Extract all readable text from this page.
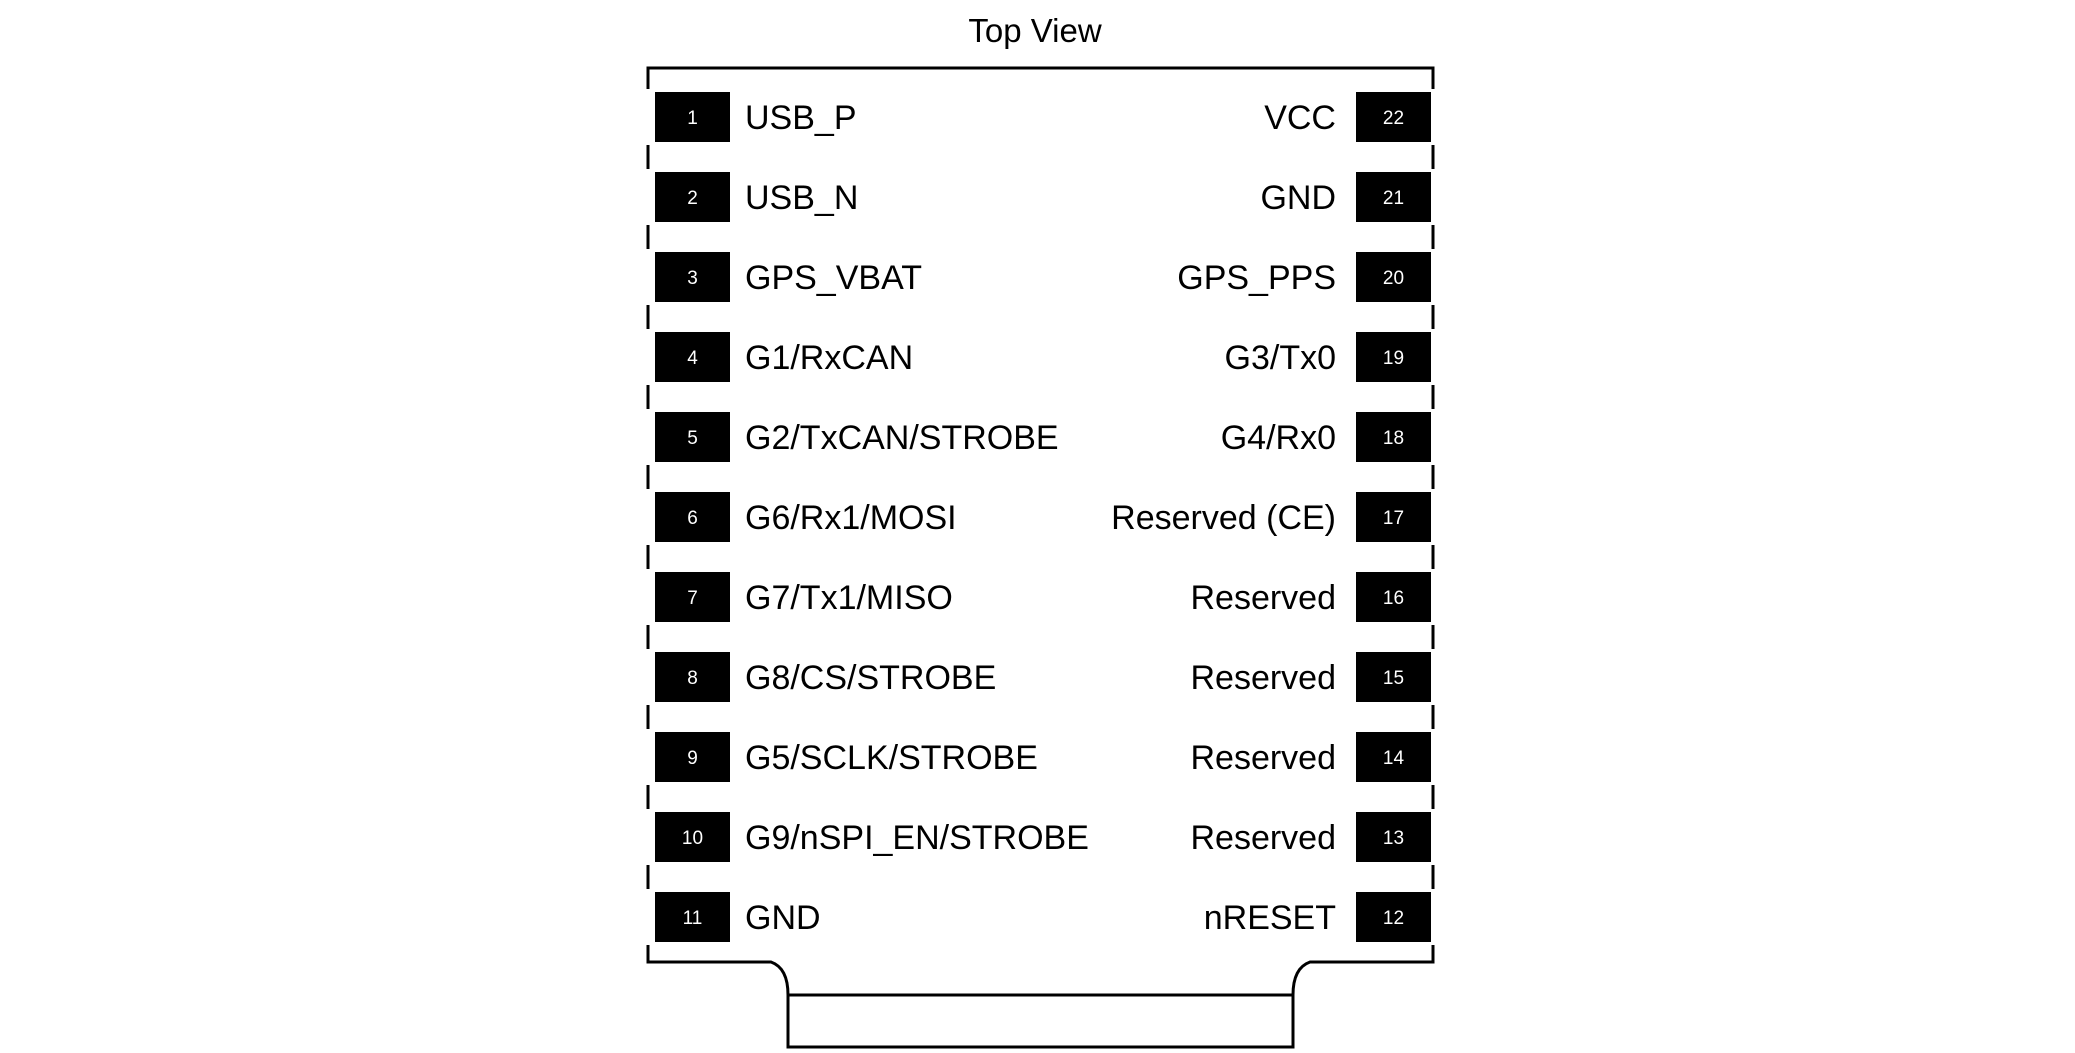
Top View
1 USB_P
2 USB_N
3 GPS_VBAT
4 G1/RxCAN
5 G2/TxCAN/STROBE
6 G6/Rx1/MOSI
7 G7/Tx1/MISO
8 G8/CS/STROBE
9 G5/SCLK/STROBE
10 G9/nSPI_EN/STROBE
11 GND
22
VCC
21
GND
20
GPS_PPS
19
G3/Tx0
18
G4/Rx0
17
Reserved (CE)
16
Reserved
15
Reserved
14
Reserved
13
Reserved
12
nRESET
